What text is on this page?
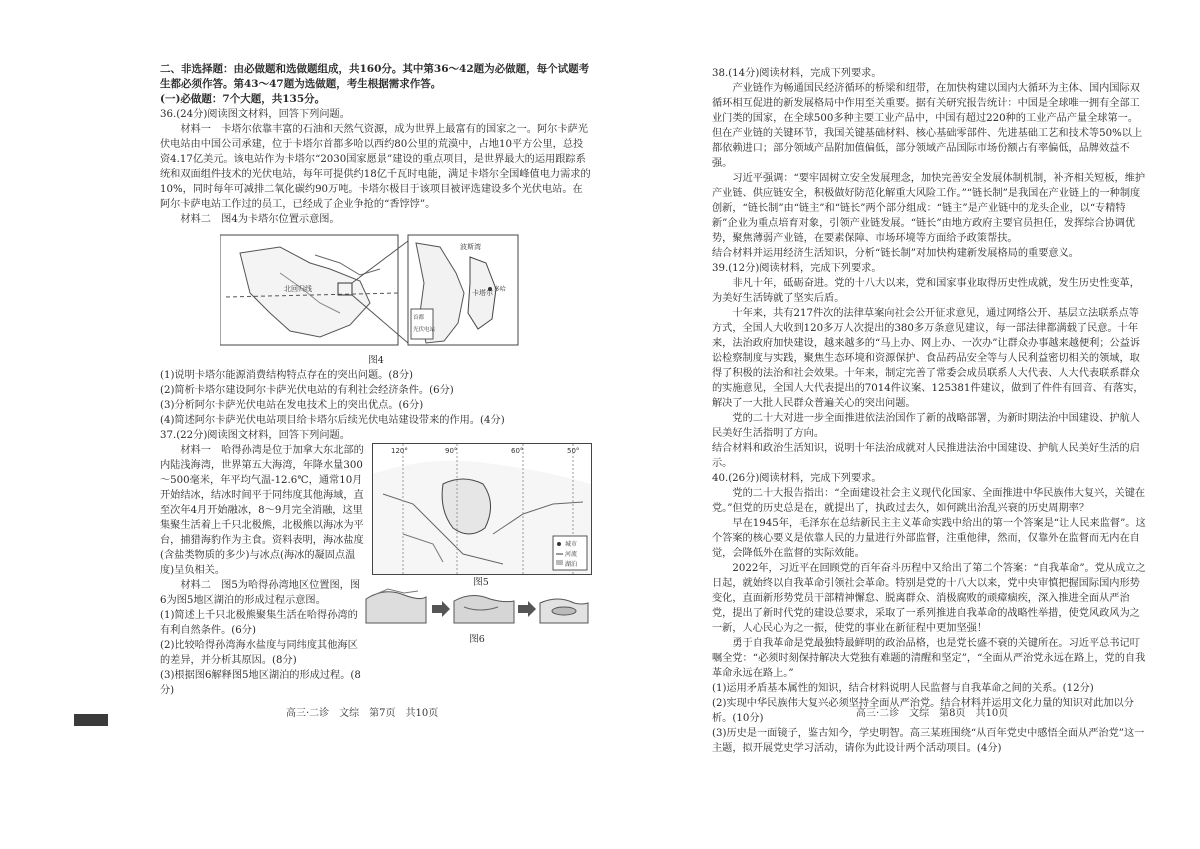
二、非选择题：由必做题和选做题组成，共160分。其中第36～42题为必做题，每个试题考生都必须作答。第43～47题为选做题，考生根据需求作答。

(一)必做题：7个大题，共135分。

36.(24分)阅读图文材料，回答下列问题。

材料一　卡塔尔依靠丰富的石油和天然气资源，成为世界上最富有的国家之一。阿尔卡萨光伏电站由中国公司承建，位于卡塔尔首都多哈以西约80公里的荒漠中，占地10平方公里，总投资4.17亿美元。该电站作为卡塔尔“2030国家愿景”建设的重点项目，是世界最大的运用跟踪系统和双面组件技术的光伏电站，每年可提供约18亿千瓦时电能，满足卡塔尔全国峰值电力需求的10%，同时每年可减排二氧化碳约90万吨。卡塔尔极目于该项目被评选建设多个光伏电站。在阿尔卡萨电站工作过的员工，已经成了企业争抢的“香饽饽”。

材料二　图4为卡塔尔位置示意图。

北回归线
波斯湾
卡塔尔 多哈
首都
光伏电站

图4

(1)说明卡塔尔能源消费结构特点存在的突出问题。(8分)

(2)简析卡塔尔建设阿尔卡萨光伏电站的有利社会经济条件。(6分)

(3)分析阿尔卡萨光伏电站在发电技术上的突出优点。(6分)

(4)简述阿尔卡萨光伏电站项目给卡塔尔后续光伏电站建设带来的作用。(4分)

37.(22分)阅读图文材料，回答下列问题。

材料一　哈得孙湾是位于加拿大东北部的内陆浅海湾，世界第五大海湾，年降水量300～500毫米，年平均气温-12.6℃，通常10月开始结冰，结冰时间平于同纬度其他海域，直至次年4月开始融冰，8～9月完全消融，这里集聚生活着上千只北极熊，北极熊以海冰为平台，捕猎海豹作为主食。资料表明，海冰盐度(含盐类物质的多少)与冰点(海冰的凝固点温度)呈负相关。

材料二　图5为哈得孙湾地区位置图，图6为图5地区湖泊的形成过程示意图。

(1)简述上千只北极熊聚集生活在哈得孙湾的有利自然条件。(6分)

(2)比较哈得孙湾海水盐度与同纬度其他海区的差异，并分析其原因。(8分)

(3)根据图6解释图5地区湖泊的形成过程。(8分)

120°	90°	60°	50°
城市
河流
湖泊

图5

图6

高三·二诊　文综　第7页　共10页

38.(14分)阅读材料，完成下列要求。

产业链作为畅通国民经济循环的桥梁和纽带，在加快构建以国内大循环为主体、国内国际双循环相互促进的新发展格局中作用至关重要。据有关研究报告统计：中国是全球唯一拥有全部工业门类的国家，在全球500多种主要工业产品中，中国有超过220种的工业产品产量全球第一。但在产业链的关键环节，我国关键基础材料、核心基础零部件、先进基础工艺和技术等50%以上都依赖进口；部分领域产品附加值偏低，部分领域产品国际市场份额占有率偏低，品牌效益不强。

习近平强调：“要牢固树立安全发展理念，加快完善安全发展体制机制，补齐相关短板，维护产业链、供应链安全，积极做好防范化解重大风险工作。”“链长制”是我国在产业链上的一种制度创新，“链长制”由“链主”和“链长”两个部分组成：“链主”是产业链中的龙头企业，以“专精特新”企业为重点培育对象，引领产业链发展。“链长”由地方政府主要官员担任，发挥综合协调优势，聚焦薄弱产业链，在要素保障、市场环境等方面给予政策帮扶。

结合材料并运用经济生活知识，分析“链长制”对加快构建新发展格局的重要意义。

39.(12分)阅读材料，完成下列要求。

非凡十年，砥砺奋进。党的十八大以来，党和国家事业取得历史性成就，发生历史性变革，为美好生活铸就了坚实后盾。

十年来，共有217件次的法律草案向社会公开征求意见，通过网络公开、基层立法联系点等方式，全国人大收到120多万人次提出的380多万条意见建议，每一部法律都满载了民意。十年来，法治政府加快建设，越来越多的“马上办、网上办、一次办”让群众办事越来越便利；公益诉讼检察制度与实践，聚焦生态环境和资源保护、食品药品安全等与人民利益密切相关的领域，取得了积极的法治和社会效果。十年来，制定完善了常委会成员联系人大代表、人大代表联系群众的实施意见，全国人大代表提出的7014件议案、125381件建议，做到了件件有回音、有落实，解决了一大批人民群众普遍关心的突出问题。

党的二十大对进一步全面推进依法治国作了新的战略部署，为新时期法治中国建设、护航人民美好生活指明了方向。

结合材料和政治生活知识，说明十年法治成就对人民推进法治中国建设、护航人民美好生活的启示。

40.(26分)阅读材料，完成下列要求。

党的二十大报告指出：“全面建设社会主义现代化国家、全面推进中华民族伟大复兴，关键在党。”但党的历史总是在，就提出了，执政过去久，如何跳出治乱兴衰的历史周期率？

早在1945年，毛泽东在总结新民主主义革命实践中给出的第一个答案是“让人民来监督”。这个答案的核心要义是依靠人民的力量进行外部监督，注重他律，然而，仅靠外在监督而无内在自觉，会降低外在监督的实际效能。

2022年，习近平在回顾党的百年奋斗历程中又给出了第二个答案：“自我革命”。党从成立之日起，就始终以自我革命引领社会革命。特别是党的十八大以来，党中央审慎把握国际国内形势变化，直面新形势党员干部精神懈怠、脱离群众、消极腐败的顽瘴痼疾，深入推进全面从严治党，提出了新时代党的建设总要求，采取了一系列推进自我革命的战略性举措，使党风政风为之一新，人心民心为之一振，使党的事业在新征程中更加坚强！

勇于自我革命是党最独特最鲜明的政治品格，也是党长盛不衰的关键所在。习近平总书记叮嘱全党：“必须时刻保持解决大党独有难题的清醒和坚定”，“全面从严治党永远在路上，党的自我革命永远在路上。”

(1)运用矛盾基本属性的知识，结合材料说明人民监督与自我革命之间的关系。(12分)

(2)实现中华民族伟大复兴必须坚持全面从严治党。结合材料并运用文化力量的知识对此加以分析。(10分)

(3)历史是一面镜子，鉴古知今，学史明智。高三某班围绕“从百年党史中感悟全面从严治党”这一主题，拟开展党史学习活动，请你为此设计两个活动项目。(4分)

高三·二诊　文综　第8页　共10页
